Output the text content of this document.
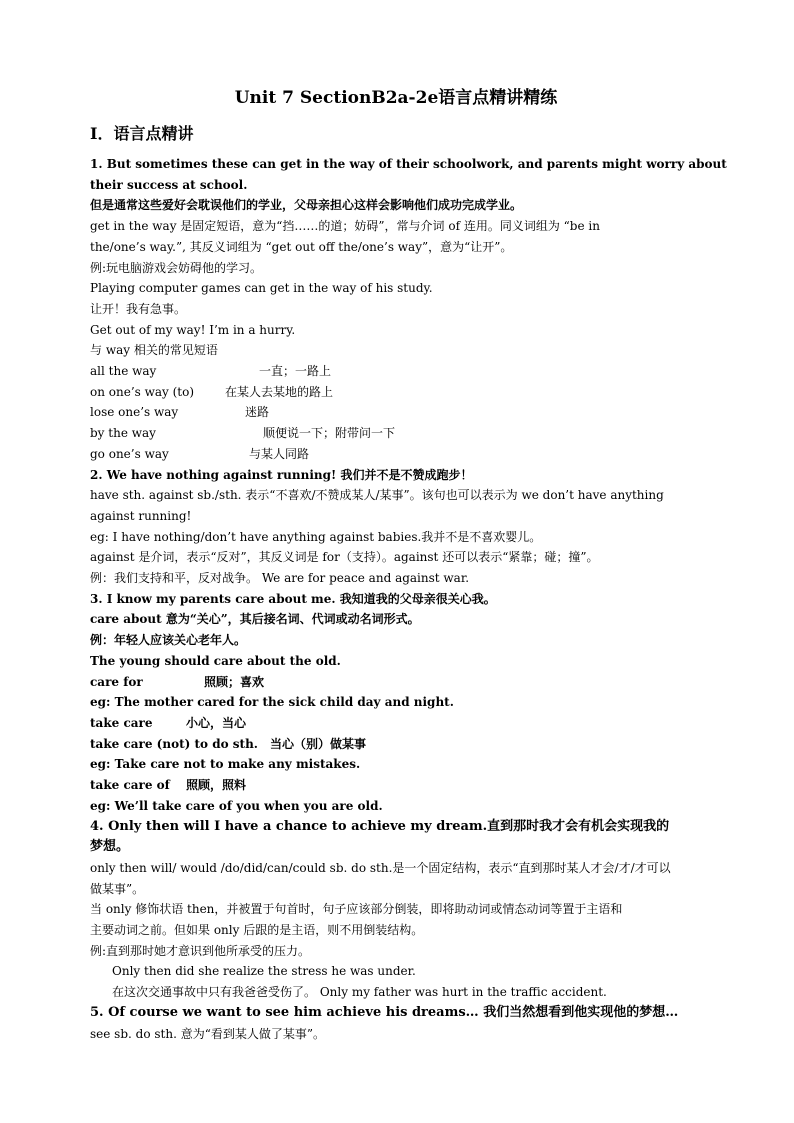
Unit 7 SectionB2a-2e语言点精讲精练
I．语言点精讲
1. But sometimes these can get in the way of their schoolwork, and parents might worry about
their success at school.
但是通常这些爱好会耽误他们的学业，父母亲担心这样会影响他们成功完成学业。
get in the way 是固定短语，意为“挡……的道；妨碍”，常与介词 of 连用。同义词组为 “be in
the/one’s way.”, 其反义词组为 “get out off the/one’s way”，意为“让开”。
例:玩电脑游戏会妨碍他的学习。
Playing computer games can get in the way of his study.
让开！我有急事。
Get out of my way! I’m in a hurry.
与 way 相关的常见短语
all the way	一直；一路上
on one’s way (to)	在某人去某地的路上
lose one’s way	迷路
by the way	顺便说一下；附带问一下
go one’s way	与某人同路
2. We have nothing against running! 我们并不是不赞成跑步！
have sth. against sb./sth. 表示“不喜欢/不赞成某人/某事”。该句也可以表示为 we don’t have anything
against running!
eg: I have nothing/don’t have anything against babies.我并不是不喜欢婴儿。
against 是介词，表示“反对”，其反义词是 for（支持）。against 还可以表示“紧靠；碰；撞”。
例：我们支持和平，反对战争。 We are for peace and against war.
3. I know my parents care about me. 我知道我的父母亲很关心我。
care about 意为“关心”，其后接名词、代词或动名词形式。
例：年轻人应该关心老年人。
The young should care about the old.
care for	照顾；喜欢
eg: The mother cared for the sick child day and night.
take care	小心，当心
take care (not) to do sth.　当心（别）做某事
eg: Take care not to make any mistakes.
take care of	照顾，照料
eg: We’ll take care of you when you are old.
4. Only then will I have a chance to achieve my dream.直到那时我才会有机会实现我的
梦想。
only then will/ would /do/did/can/could sb. do sth.是一个固定结构，表示“直到那时某人才会/才/才可以
做某事”。
当 only 修饰状语 then，并被置于句首时，句子应该部分倒装，即将助动词或情态动词等置于主语和
主要动词之前。但如果 only 后跟的是主语，则不用倒装结构。
例:直到那时她才意识到他所承受的压力。
Only then did she realize the stress he was under.
在这次交通事故中只有我爸爸受伤了。 Only my father was hurt in the traffic accident.
5. Of course we want to see him achieve his dreams… 我们当然想看到他实现他的梦想…
see sb. do sth. 意为“看到某人做了某事”。
